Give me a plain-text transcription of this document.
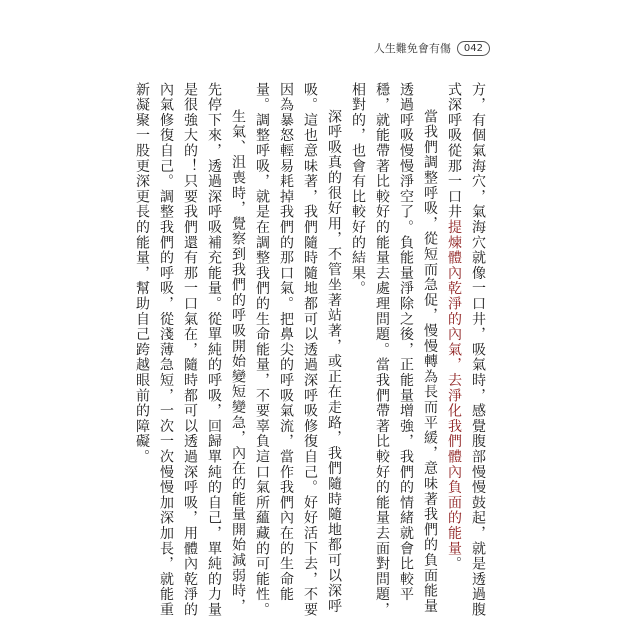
人生難免會有傷	042

方，有個氣海穴，氣海穴就像一口井，吸氣時，感覺腹部慢慢鼓起，就是透過腹式深呼吸從那一口井提煉體內乾淨的內氣，去淨化我們體內負面的能量。

當我們調整呼吸，從短而急促，慢慢轉為長而平緩，意味著我們的負面能量透過呼吸慢慢淨空了。負能量淨除之後，正能量增強，我們的情緒就會比較平穩，就能帶著比較好的能量去處理問題。當我們帶著比較好的能量去面對問題，相對的，也會有比較好的結果。

深呼吸真的很好用，不管坐著站著，或正在走路，我們隨時隨地都可以深呼吸。這也意味著，我們隨時隨地都可以透過深呼吸修復自己。好好活下去，不要因為暴怒輕易耗掉我們的那口氣。把鼻尖的呼吸氣流，當作我們內在的生命能量。調整呼吸，就是在調整我們的生命能量，不要辜負這口氣所蘊藏的可能性。

生氣、沮喪時，覺察到我們的呼吸開始變短變急，內在的能量開始減弱時，先停下來，透過深呼吸補充能量。從單純的呼吸，回歸單純的自己，單純的力量是很強大的！只要我們還有那一口氣在，隨時都可以透過深呼吸，用體內乾淨的內氣修復自己。調整我們的呼吸，從淺薄急短，一次一次慢慢加深加長，就能重新凝聚一股更深更長的能量，幫助自己跨越眼前的障礙。
